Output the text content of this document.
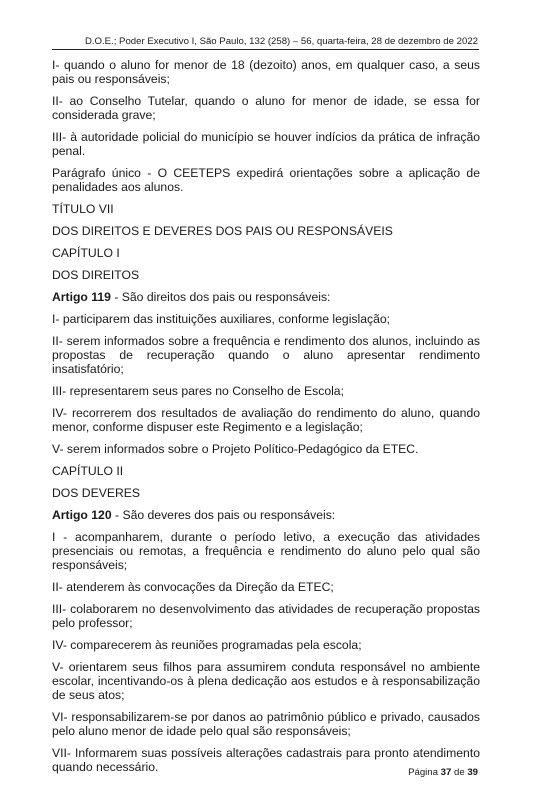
D.O.E.; Poder Executivo I, São Paulo, 132 (258) – 56, quarta-feira, 28 de dezembro de 2022

I- quando o aluno for menor de 18 (dezoito) anos, em qualquer caso, a seus pais ou responsáveis;

II- ao Conselho Tutelar, quando o aluno for menor de idade, se essa for considerada grave;

III- à autoridade policial do município se houver indícios da prática de infração penal.

Parágrafo único - O CEETEPS expedirá orientações sobre a aplicação de penalidades aos alunos.

TÍTULO VII

DOS DIREITOS E DEVERES DOS PAIS OU RESPONSÁVEIS

CAPÍTULO I

DOS DIREITOS

Artigo 119 - São direitos dos pais ou responsáveis:

I- participarem das instituições auxiliares, conforme legislação;

II- serem informados sobre a frequência e rendimento dos alunos, incluindo as propostas de recuperação quando o aluno apresentar rendimento insatisfatório;

III- representarem seus pares no Conselho de Escola;

IV- recorrerem dos resultados de avaliação do rendimento do aluno, quando menor, conforme dispuser este Regimento e a legislação;

V- serem informados sobre o Projeto Político-Pedagógico da ETEC.

CAPÍTULO II

DOS DEVERES

Artigo 120 - São deveres dos pais ou responsáveis:

I - acompanharem, durante o período letivo, a execução das atividades presenciais ou remotas, a frequência e rendimento do aluno pelo qual são responsáveis;

II- atenderem às convocações da Direção da ETEC;

III- colaborarem no desenvolvimento das atividades de recuperação propostas pelo professor;

IV- comparecerem às reuniões programadas pela escola;

V- orientarem seus filhos para assumirem conduta responsável no ambiente escolar, incentivando-os à plena dedicação aos estudos e à responsabilização de seus atos;

VI- responsabilizarem-se por danos ao patrimônio público e privado, causados pelo aluno menor de idade pelo qual são responsáveis;

VII- Informarem suas possíveis alterações cadastrais para pronto atendimento quando necessário.	Página 37 de 39
